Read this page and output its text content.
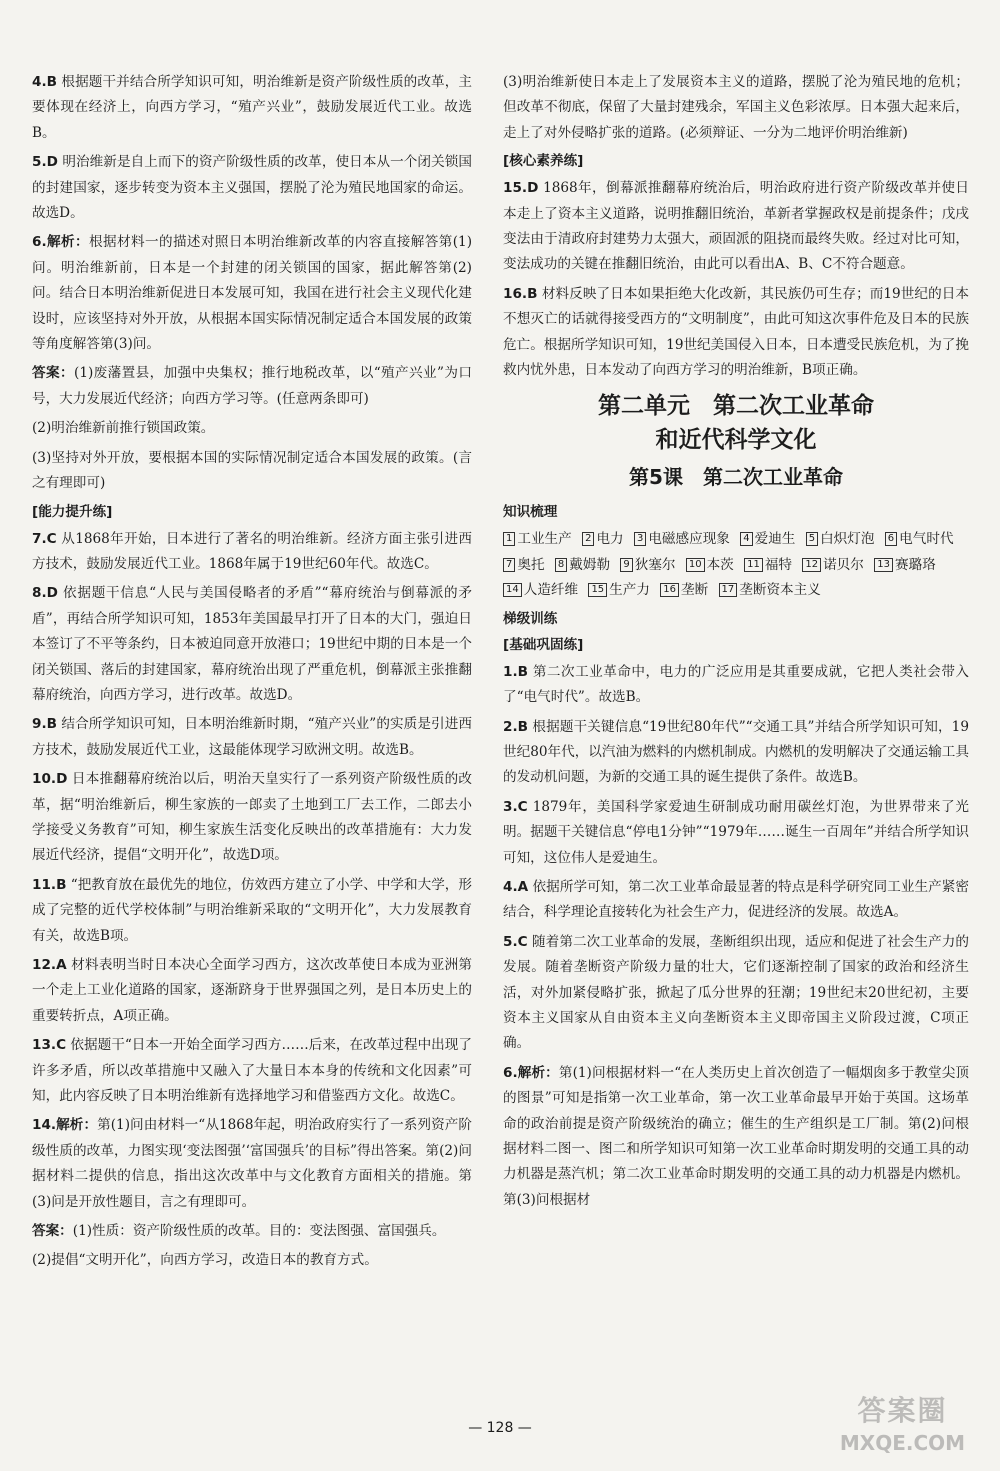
4.B 根据题干并结合所学知识可知，明治维新是资产阶级性质的改革，主要体现在经济上，向西方学习，“殖产兴业”，鼓励发展近代工业。故选B。
5.D 明治维新是自上而下的资产阶级性质的改革，使日本从一个闭关锁国的封建国家，逐步转变为资本主义强国，摆脱了沦为殖民地国家的命运。故选D。
6.解析：根据材料一的描述对照日本明治维新改革的内容直接解答第(1)问。明治维新前，日本是一个封建的闭关锁国的国家，据此解答第(2)问。结合日本明治维新促进日本发展可知，我国在进行社会主义现代化建设时，应该坚持对外开放，从根据本国实际情况制定适合本国发展的政策等角度解答第(3)问。
答案：(1)废藩置县，加强中央集权；推行地税改革，以“殖产兴业”为口号，大力发展近代经济；向西方学习等。(任意两条即可)
(2)明治维新前推行锁国政策。
(3)坚持对外开放，要根据本国的实际情况制定适合本国发展的政策。(言之有理即可)
[能力提升练]
7.C 从1868年开始，日本进行了著名的明治维新。经济方面主张引进西方技术，鼓励发展近代工业。1868年属于19世纪60年代。故选C。
8.D 依据题干信息“人民与美国侵略者的矛盾”“幕府统治与倒幕派的矛盾”，再结合所学知识可知，1853年美国最早打开了日本的大门，强迫日本签订了不平等条约，日本被迫同意开放港口；19世纪中期的日本是一个闭关锁国、落后的封建国家，幕府统治出现了严重危机，倒幕派主张推翻幕府统治，向西方学习，进行改革。故选D。
9.B 结合所学知识可知，日本明治维新时期，“殖产兴业”的实质是引进西方技术，鼓励发展近代工业，这最能体现学习欧洲文明。故选B。
10.D 日本推翻幕府统治以后，明治天皇实行了一系列资产阶级性质的改革，据“明治维新后，柳生家族的一郎卖了土地到工厂去工作，二郎去小学接受义务教育”可知，柳生家族生活变化反映出的改革措施有：大力发展近代经济，提倡“文明开化”，故选D项。
11.B “把教育放在最优先的地位，仿效西方建立了小学、中学和大学，形成了完整的近代学校体制”与明治维新采取的“文明开化”，大力发展教育有关，故选B项。
12.A 材料表明当时日本决心全面学习西方，这次改革使日本成为亚洲第一个走上工业化道路的国家，逐渐跻身于世界强国之列，是日本历史上的重要转折点，A项正确。
13.C 依据题干“日本一开始全面学习西方……后来，在改革过程中出现了许多矛盾，所以改革措施中又融入了大量日本本身的传统和文化因素”可知，此内容反映了日本明治维新有选择地学习和借鉴西方文化。故选C。
14.解析：第(1)问由材料一“从1868年起，明治政府实行了一系列资产阶级性质的改革，力图实现‘变法图强’‘富国强兵’的目标”得出答案。第(2)问据材料二提供的信息，指出这次改革中与文化教育方面相关的措施。第(3)问是开放性题目，言之有理即可。
答案：(1)性质：资产阶级性质的改革。目的：变法图强、富国强兵。
(2)提倡“文明开化”，向西方学习，改造日本的教育方式。
(3)明治维新使日本走上了发展资本主义的道路，摆脱了沦为殖民地的危机；但改革不彻底，保留了大量封建残余，军国主义色彩浓厚。日本强大起来后，走上了对外侵略扩张的道路。(必须辩证、一分为二地评价明治维新)
[核心素养练]
15.D 1868年，倒幕派推翻幕府统治后，明治政府进行资产阶级改革并使日本走上了资本主义道路，说明推翻旧统治，革新者掌握政权是前提条件；戊戌变法由于清政府封建势力太强大，顽固派的阻挠而最终失败。经过对比可知，变法成功的关键在推翻旧统治，由此可以看出A、B、C不符合题意。
16.B 材料反映了日本如果拒绝大化改新，其民族仍可生存；而19世纪的日本不想灭亡的话就得接受西方的“文明制度”，由此可知这次事件危及日本的民族危亡。根据所学知识可知，19世纪美国侵入日本，日本遭受民族危机，为了挽救内忧外患，日本发动了向西方学习的明治维新，B项正确。
第二单元　第二次工业革命
和近代科学文化
第5课　第二次工业革命
知识梳理
1 工业生产 2 电力 3 电磁感应现象 4 爱迪生 5 白炽灯泡 6 电气时代 7 奥托 8 戴姆勒 9 狄塞尔 10 本茨 11 福特 12 诺贝尔 13 赛璐珞 14 人造纤维 15 生产力 16 垄断 17 垄断资本主义
梯级训练
[基础巩固练]
1.B 第二次工业革命中，电力的广泛应用是其重要成就，它把人类社会带入了“电气时代”。故选B。
2.B 根据题干关键信息“19世纪80年代”“交通工具”并结合所学知识可知，19世纪80年代，以汽油为燃料的内燃机制成。内燃机的发明解决了交通运输工具的发动机问题，为新的交通工具的诞生提供了条件。故选B。
3.C 1879年，美国科学家爱迪生研制成功耐用碳丝灯泡，为世界带来了光明。据题干关键信息“停电1分钟”“1979年……诞生一百周年”并结合所学知识可知，这位伟人是爱迪生。
4.A 依据所学可知，第二次工业革命最显著的特点是科学研究同工业生产紧密结合，科学理论直接转化为社会生产力，促进经济的发展。故选A。
5.C 随着第二次工业革命的发展，垄断组织出现，适应和促进了社会生产力的发展。随着垄断资产阶级力量的壮大，它们逐渐控制了国家的政治和经济生活，对外加紧侵略扩张，掀起了瓜分世界的狂潮；19世纪末20世纪初，主要资本主义国家从自由资本主义向垄断资本主义即帝国主义阶段过渡，C项正确。
6.解析：第(1)问根据材料一“在人类历史上首次创造了一幅烟囱多于教堂尖顶的图景”可知是指第一次工业革命，第一次工业革命最早开始于英国。这场革命的政治前提是资产阶级统治的确立；催生的生产组织是工厂制。第(2)问根据材料二图一、图二和所学知识可知第一次工业革命时期发明的交通工具的动力机器是蒸汽机；第二次工业革命时期发明的交通工具的动力机器是内燃机。第(3)问根据材
— 128 —
答案圈
MXQE.COM
